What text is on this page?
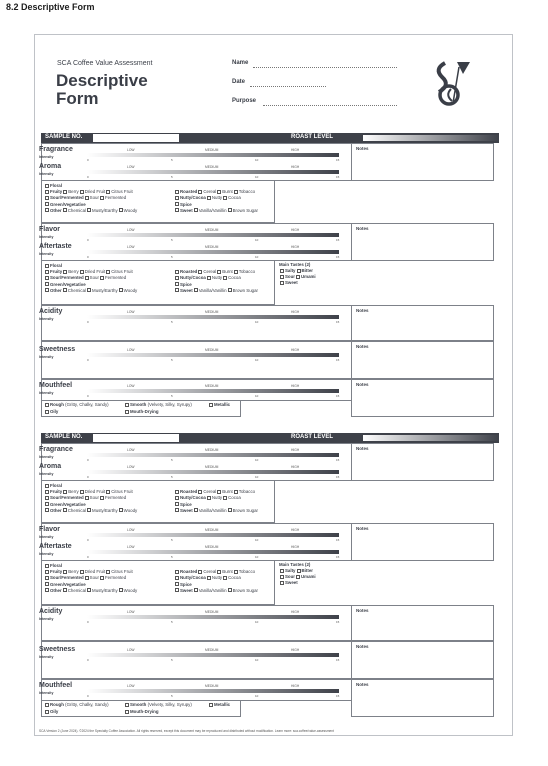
8.2 Descriptive Form
SCA Coffee Value Assessment
Descriptive
Form
Name
Date
Purpose
SAMPLE NO.	ROAST LEVEL
Notes
Fragrance
Intensity
LOW	MEDIUM	HIGH
0	5	10	15
Aroma
Intensity
LOW	MEDIUM	HIGH
0	5	10	15
Floral
Fruity Berry Dried Fruit Citrus Fruit
Sour/Fermented Sour Fermented
Green/Vegetative
Other Chemical Musty/Earthy Woody
Roasted Cereal Burnt Tobacco
Nutty/Cocoa Nutty Cocoa
Spice
Sweet Vanilla/Vanillin Brown Sugar
Notes
Flavor
Intensity
LOW	MEDIUM	HIGH
0	5	10	15
Aftertaste
Intensity
LOW	MEDIUM	HIGH
0	5	10	15
Floral
Fruity Berry Dried Fruit Citrus Fruit
Sour/Fermented Sour Fermented
Green/Vegetative
Other Chemical Musty/Earthy Woody
Roasted Cereal Burnt Tobacco
Nutty/Cocoa Nutty Cocoa
Spice
Sweet Vanilla/Vanillin Brown Sugar
Main Tastes (2)
Salty Bitter
Sour Umami
Sweet
Notes
Acidity
Intensity
LOW	MEDIUM	HIGH
0	5	10	15
Notes
Sweetness
Intensity
LOW	MEDIUM	HIGH
0	5	10	15
Notes
Mouthfeel
Intensity
LOW	MEDIUM	HIGH
0	5	10	15
Rough (Gritty, Chalky, Sandy)	Smooth (Velvety, Silky, Syrupy)	Metallic
Oily	Mouth-Drying
SAMPLE NO.	ROAST LEVEL
Notes
Fragrance
Intensity
LOW	MEDIUM	HIGH
0	5	10	15
Aroma
Intensity
LOW	MEDIUM	HIGH
0	5	10	15
Floral
Fruity Berry Dried Fruit Citrus Fruit
Sour/Fermented Sour Fermented
Green/Vegetative
Other Chemical Musty/Earthy Woody
Roasted Cereal Burnt Tobacco
Nutty/Cocoa Nutty Cocoa
Spice
Sweet Vanilla/Vanillin Brown Sugar
Notes
Flavor
Intensity
LOW	MEDIUM	HIGH
0	5	10	15
Aftertaste
Intensity
LOW	MEDIUM	HIGH
0	5	10	15
Floral
Fruity Berry Dried Fruit Citrus Fruit
Sour/Fermented Sour Fermented
Green/Vegetative
Other Chemical Musty/Earthy Woody
Roasted Cereal Burnt Tobacco
Nutty/Cocoa Nutty Cocoa
Spice
Sweet Vanilla/Vanillin Brown Sugar
Main Tastes (2)
Salty Bitter
Sour Umami
Sweet
Notes
Acidity
Intensity
LOW	MEDIUM	HIGH
0	5	10	15
Notes
Sweetness
Intensity
LOW	MEDIUM	HIGH
0	5	10	15
Notes
Mouthfeel
Intensity
LOW	MEDIUM	HIGH
0	5	10	15
Rough (Gritty, Chalky, Sandy)	Smooth (Velvety, Silky, Syrupy)	Metallic
Oily	Mouth-Drying
SCA Version 2 (June 2024). ©2024 the Specialty Coffee Association. All rights reserved, except this document may be reproduced and distributed without modification. Learn more: sca.coffee/value-assessment
